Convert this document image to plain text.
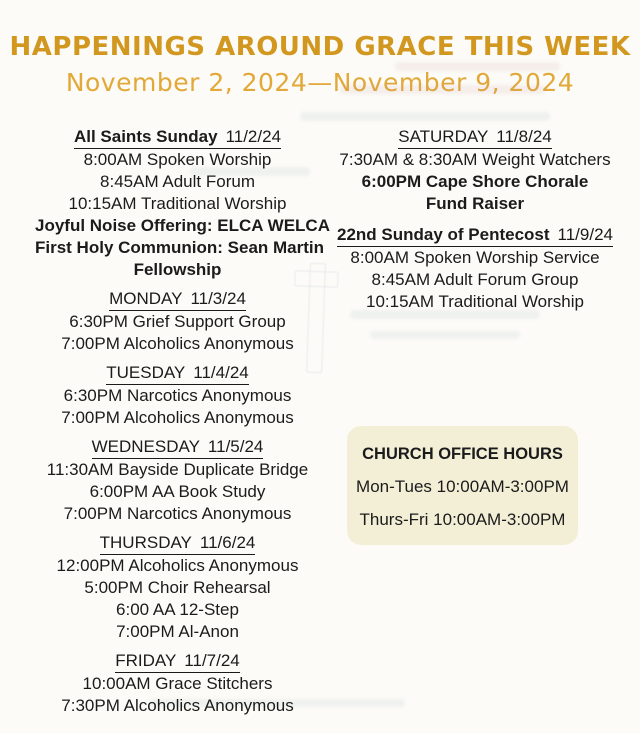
HAPPENINGS AROUND GRACE THIS WEEK
November 2, 2024—November 9, 2024
All Saints Sunday 11/2/24
8:00AM Spoken Worship
8:45AM Adult Forum
10:15AM Traditional Worship
Joyful Noise Offering: ELCA WELCA
First Holy Communion: Sean Martin
Fellowship
MONDAY 11/3/24
6:30PM Grief Support Group
7:00PM Alcoholics Anonymous
TUESDAY 11/4/24
6:30PM Narcotics Anonymous
7:00PM Alcoholics Anonymous
WEDNESDAY 11/5/24
11:30AM Bayside Duplicate Bridge
6:00PM AA Book Study
7:00PM Narcotics Anonymous
THURSDAY 11/6/24
12:00PM Alcoholics Anonymous
5:00PM Choir Rehearsal
6:00 AA 12-Step
7:00PM Al-Anon
FRIDAY 11/7/24
10:00AM Grace Stitchers
7:30PM Alcoholics Anonymous
SATURDAY 11/8/24
7:30AM & 8:30AM Weight Watchers
6:00PM Cape Shore Chorale
Fund Raiser
22nd Sunday of Pentecost 11/9/24
8:00AM Spoken Worship Service
8:45AM Adult Forum Group
10:15AM Traditional Worship
CHURCH OFFICE HOURS
Mon-Tues 10:00AM-3:00PM
Thurs-Fri 10:00AM-3:00PM
